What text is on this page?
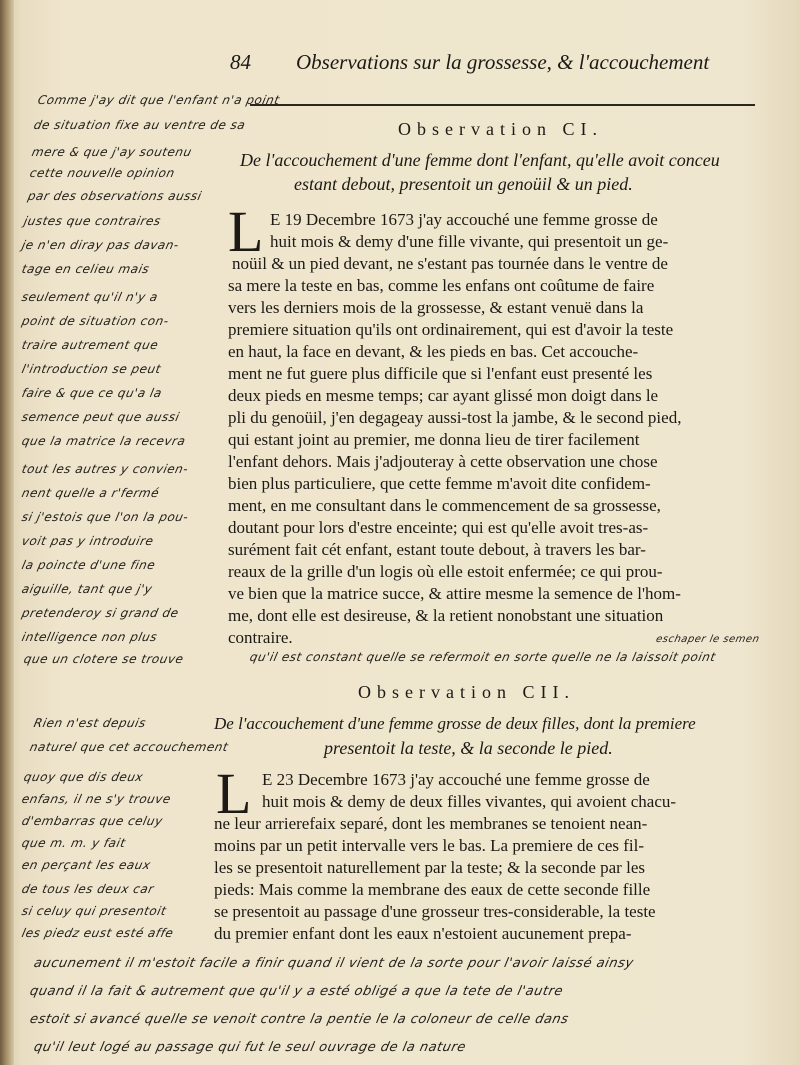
84 Observations sur la grossesse, & l'accouchement
Comme j'ay dit que l'enfant n'a point
de situation fixe au ventre de sa
mere & que j'ay soutenu
cette nouvelle opinion
par des observations aussi
Observation CI.
De l'accouchement d'une femme dont l'enfant, qu'elle avoit conceu
estant debout, presentoit un genoüil & un pied.
L E 19 Decembre 1673 j'ay accouché une femme grosse de
huit mois & demy d'une fille vivante, qui presentoit un ge-
noüil & un pied devant, ne s'estant pas tournée dans le ventre de
sa mere la teste en bas, comme les enfans ont coûtume de faire
vers les derniers mois de la grossesse, & estant venuë dans la
premiere situation qu'ils ont ordinairement, qui est d'avoir la teste
en haut, la face en devant, & les pieds en bas. Cet accouche-
ment ne fut guere plus difficile que si l'enfant eust presenté les
deux pieds en mesme temps; car ayant glissé mon doigt dans le
pli du genoüil, j'en degageay aussi-tost la jambe, & le second pied,
qui estant joint au premier, me donna lieu de tirer facilement
l'enfant dehors. Mais j'adjouteray à cette observation une chose
bien plus particuliere, que cette femme m'avoit dite confidem-
ment, en me consultant dans le commencement de sa grossesse,
doutant pour lors d'estre enceinte; qui est qu'elle avoit tres-as-
surément fait cét enfant, estant toute debout, à travers les bar-
reaux de la grille d'un logis où elle estoit enfermée; ce qui prou-
ve bien que la matrice succe, & attire mesme la semence de l'hom-
me, dont elle est desireuse, & la retient nonobstant une situation
contraire.
justes que contraires
je n'en diray pas davan-
tage en celieu mais
seulement qu'il n'y a
point de situation con-
traire autrement que
l'introduction se peut
faire & que ce qu'a la
semence peut que aussi
que la matrice la recevra
tout les autres y convien-
nent quelle a r'fermé
si j'estois que l'on la pou-
voit pas y introduire
la poincte d'une fine
aiguille, tant que j'y
pretenderoy si grand de
intelligence non plus
que un clotere se trouve	qu'il est constant quelle se refermoit en sorte quelle ne la laissoit point
eschaper le semen
Observation CII.
De l'accouchement d'une femme grosse de deux filles, dont la premiere
presentoit la teste, & la seconde le pied.
Rien n'est depuis
naturel que cet accouchement
L E 23 Decembre 1673 j'ay accouché une femme grosse de
huit mois & demy de deux filles vivantes, qui avoient chacu-
ne leur arrierefaix separé, dont les membranes se tenoient nean-
moins par un petit intervalle vers le bas. La premiere de ces fil-
les se presentoit naturellement par la teste; & la seconde par les
pieds: Mais comme la membrane des eaux de cette seconde fille
se presentoit au passage d'une grosseur tres-considerable, la teste
du premier enfant dont les eaux n'estoient aucunement prepa-
quoy que dis deux
enfans, il ne s'y trouve
d'embarras que celuy
que m. m. y fait
en perçant les eaux
de tous les deux car
si celuy qui presentoit
les piedz eust esté affe
aucunement il m'estoit facile a finir quand il vient de la sorte pour l'avoir laissé ainsy
quand il la fait & autrement que qu'il y a esté obligé a que la tete de l'autre
estoit si avancé quelle se venoit contre la pentie le la coloneur de celle dans
qu'il leut logé au passage qui fut le seul ouvrage de la nature
